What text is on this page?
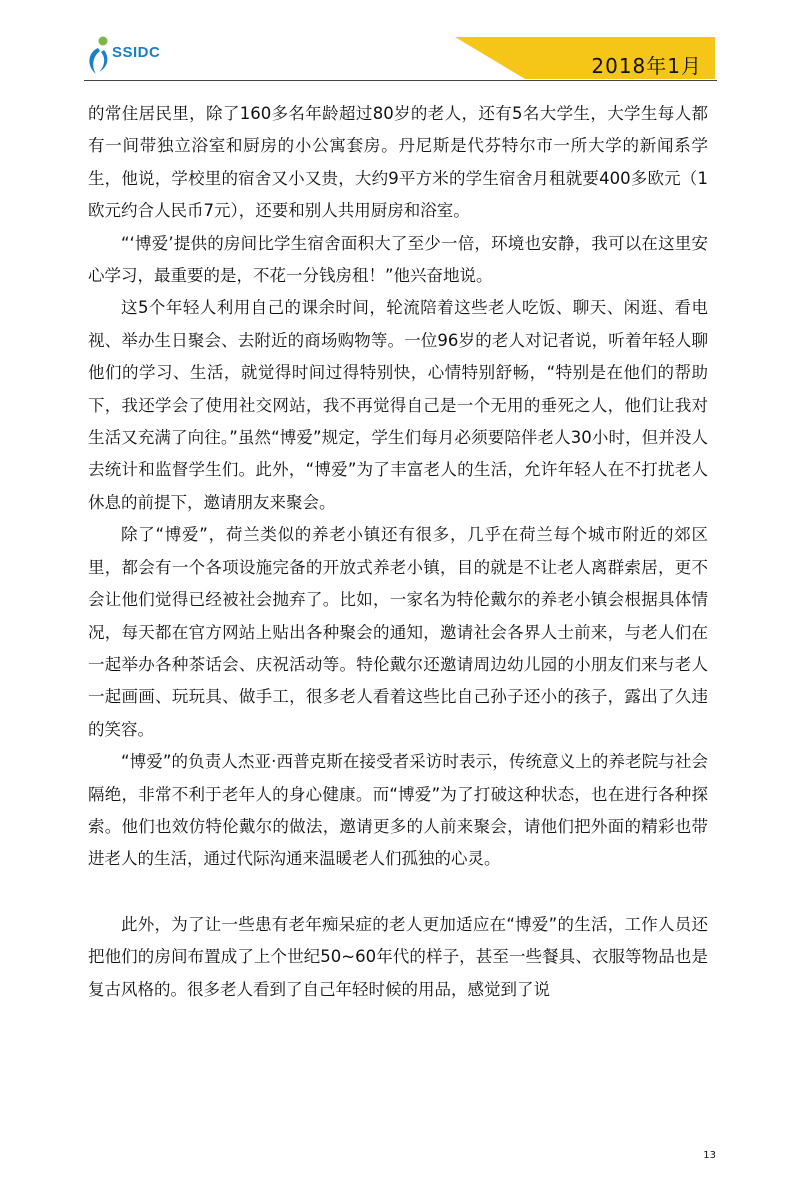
SSIDC
2018年1月

的常住居民里，除了160多名年龄超过80岁的老人，还有5名大学生，大学生每人都有一间带独立浴室和厨房的小公寓套房。丹尼斯是代芬特尔市一所大学的新闻系学生，他说，学校里的宿舍又小又贵，大约9平方米的学生宿舍月租就要400多欧元（1欧元约合人民币7元），还要和别人共用厨房和浴室。

“‘博爱’提供的房间比学生宿舍面积大了至少一倍，环境也安静，我可以在这里安心学习，最重要的是，不花一分钱房租！”他兴奋地说。

这5个年轻人利用自己的课余时间，轮流陪着这些老人吃饭、聊天、闲逛、看电视、举办生日聚会、去附近的商场购物等。一位96岁的老人对记者说，听着年轻人聊他们的学习、生活，就觉得时间过得特别快，心情特别舒畅，“特别是在他们的帮助下，我还学会了使用社交网站，我不再觉得自己是一个无用的垂死之人，他们让我对生活又充满了向往。”虽然“博爱”规定，学生们每月必须要陪伴老人30小时，但并没人去统计和监督学生们。此外，“博爱”为了丰富老人的生活，允许年轻人在不打扰老人休息的前提下，邀请朋友来聚会。

除了“博爱”，荷兰类似的养老小镇还有很多，几乎在荷兰每个城市附近的郊区里，都会有一个各项设施完备的开放式养老小镇，目的就是不让老人离群索居，更不会让他们觉得已经被社会抛弃了。比如，一家名为特伦戴尔的养老小镇会根据具体情况，每天都在官方网站上贴出各种聚会的通知，邀请社会各界人士前来，与老人们在一起举办各种茶话会、庆祝活动等。特伦戴尔还邀请周边幼儿园的小朋友们来与老人一起画画、玩玩具、做手工，很多老人看着这些比自己孙子还小的孩子，露出了久违的笑容。

“博爱”的负责人杰亚·西普克斯在接受者采访时表示，传统意义上的养老院与社会隔绝，非常不利于老年人的身心健康。而“博爱”为了打破这种状态，也在进行各种探索。他们也效仿特伦戴尔的做法，邀请更多的人前来聚会，请他们把外面的精彩也带进老人的生活，通过代际沟通来温暖老人们孤独的心灵。

此外，为了让一些患有老年痴呆症的老人更加适应在“博爱”的生活，工作人员还把他们的房间布置成了上个世纪50~60年代的样子，甚至一些餐具、衣服等物品也是复古风格的。很多老人看到了自己年轻时候的用品，感觉到了说

13
